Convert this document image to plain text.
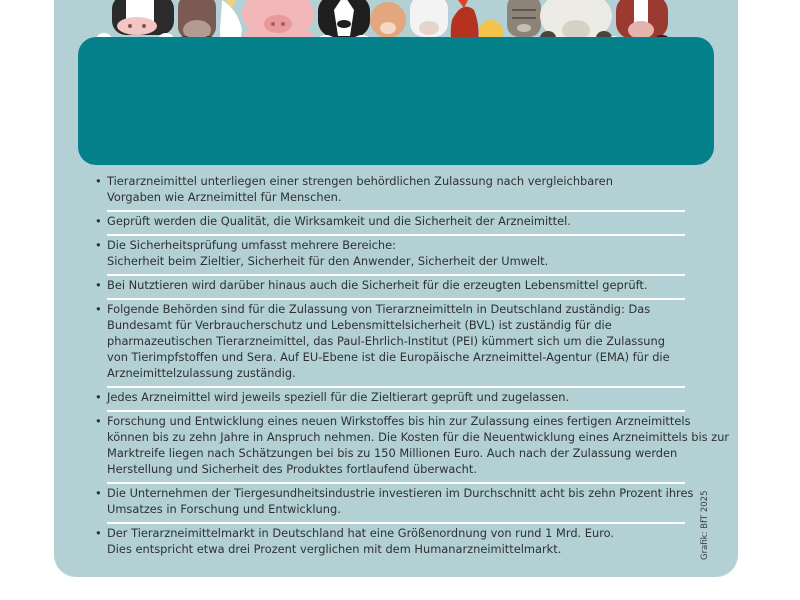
• Tierarzneimittel unterliegen einer strengen behördlichen Zulassung nach vergleichbaren
Vorgaben wie Arzneimittel für Menschen.
• Geprüft werden die Qualität, die Wirksamkeit und die Sicherheit der Arzneimittel.
• Die Sicherheitsprüfung umfasst mehrere Bereiche:
Sicherheit beim Zieltier, Sicherheit für den Anwender, Sicherheit der Umwelt.
• Bei Nutztieren wird darüber hinaus auch die Sicherheit für die erzeugten Lebensmittel geprüft.
• Folgende Behörden sind für die Zulassung von Tierarzneimitteln in Deutschland zuständig: Das
Bundesamt für Verbraucherschutz und Lebensmittelsicherheit (BVL) ist zuständig für die
pharmazeutischen Tierarzneimittel, das Paul-Ehrlich-Institut (PEI) kümmert sich um die Zulassung
von Tierimpfstoffen und Sera. Auf EU-Ebene ist die Europäische Arzneimittel-Agentur (EMA) für die
Arzneimittelzulassung zuständig.
• Jedes Arzneimittel wird jeweils speziell für die Zieltierart geprüft und zugelassen.
• Forschung und Entwicklung eines neuen Wirkstoffes bis hin zur Zulassung eines fertigen Arzneimittels
können bis zu zehn Jahre in Anspruch nehmen. Die Kosten für die Neuentwicklung eines Arzneimittels bis zur
Marktreife liegen nach Schätzungen bei bis zu 150 Millionen Euro. Auch nach der Zulassung werden
Herstellung und Sicherheit des Produktes fortlaufend überwacht.
• Die Unternehmen der Tiergesundheitsindustrie investieren im Durchschnitt acht bis zehn Prozent ihres
Umsatzes in Forschung und Entwicklung.
• Der Tierarzneimittelmarkt in Deutschland hat eine Größenordnung von rund 1 Mrd. Euro.
Dies entspricht etwa drei Prozent verglichen mit dem Humanarzneimittelmarkt.	Grafik: BfT 2025
